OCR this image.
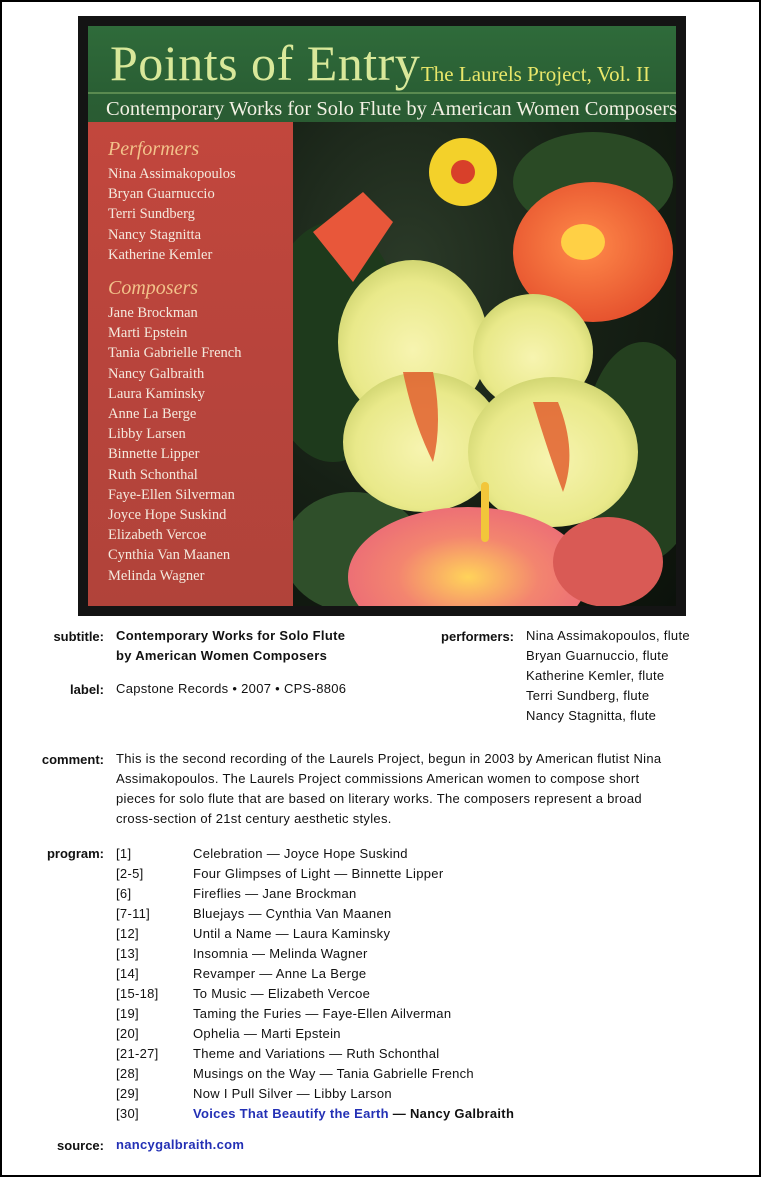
Points of Entry The Laurels Project, Vol. II
Contemporary Works for Solo Flute by American Women Composers
Performers
Nina Assimakopoulos
Bryan Guarnuccio
Terri Sundberg
Nancy Stagnitta
Katherine Kemler
Composers
Jane Brockman
Marti Epstein
Tania Gabrielle French
Nancy Galbraith
Laura Kaminsky
Anne La Berge
Libby Larsen
Binnette Lipper
Ruth Schonthal
Faye-Ellen Silverman
Joyce Hope Suskind
Elizabeth Vercoe
Cynthia Van Maanen
Melinda Wagner
subtitle: Contemporary Works for Solo Flute
by American Women Composers
label: Capstone Records • 2007 • CPS-8806
performers: Nina Assimakopoulos, flute
Bryan Guarnuccio, flute
Katherine Kemler, flute
Terri Sundberg, flute
Nancy Stagnitta, flute
comment: This is the second recording of the Laurels Project, begun in 2003 by American flutist Nina
Assimakopoulos. The Laurels Project commissions American women to compose short
pieces for solo flute that are based on literary works. The composers represent a broad
cross-section of 21st century aesthetic styles.
program: [1]	Celebration — Joyce Hope Suskind
[2-5]	Four Glimpses of Light — Binnette Lipper
[6]	Fireflies — Jane Brockman
[7-11]	Bluejays — Cynthia Van Maanen
[12]	Until a Name — Laura Kaminsky
[13]	Insomnia — Melinda Wagner
[14]	Revamper — Anne La Berge
[15-18]	To Music — Elizabeth Vercoe
[19]	Taming the Furies — Faye-Ellen Ailverman
[20]	Ophelia — Marti Epstein
[21-27]	Theme and Variations — Ruth Schonthal
[28]	Musings on the Way — Tania Gabrielle French
[29]	Now I Pull Silver — Libby Larson
[30]	Voices That Beautify the Earth — Nancy Galbraith
source: nancygalbraith.com
